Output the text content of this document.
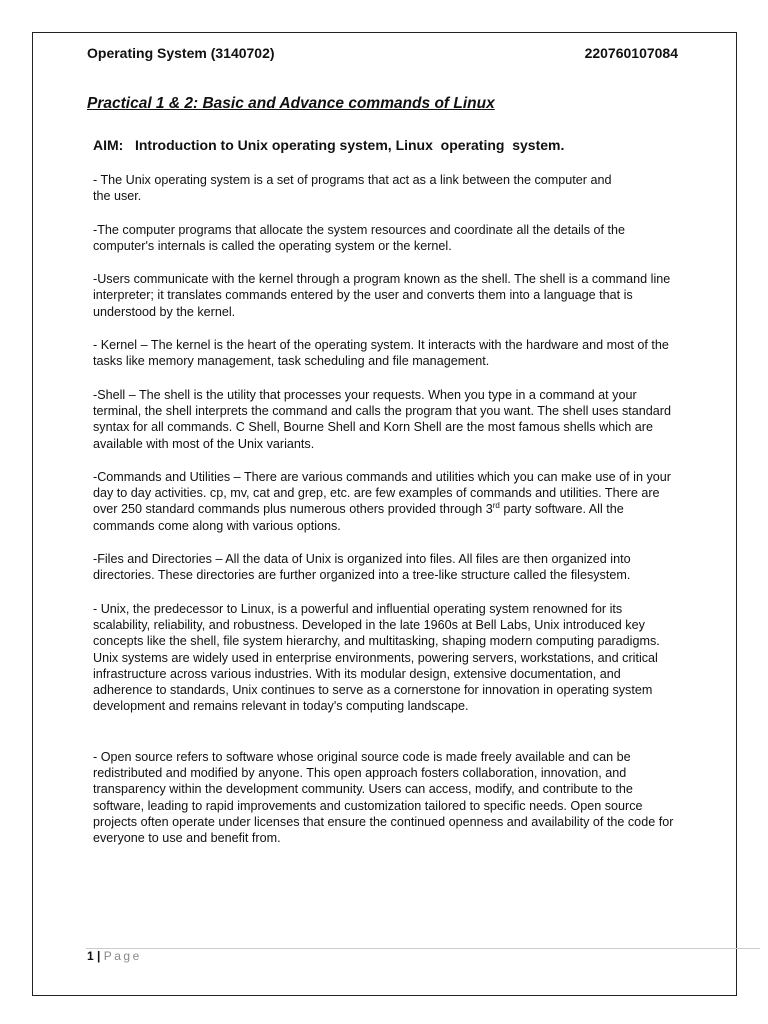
Operating System (3140702)	220760107084
Practical 1 & 2: Basic and Advance commands of Linux
AIM:   Introduction to Unix operating system, Linux  operating  system.

- The Unix operating system is a set of programs that act as a link between the computer and
the user.

-The computer programs that allocate the system resources and coordinate all the details of the computer's internals is called the operating system or the kernel.

-Users communicate with the kernel through a program known as the shell. The shell is a command line interpreter; it translates commands entered by the user and converts them into a language that is understood by the kernel.

- Kernel – The kernel is the heart of the operating system. It interacts with the hardware and most of the tasks like memory management, task scheduling and file management.

-Shell – The shell is the utility that processes your requests. When you type in a command at your terminal, the shell interprets the command and calls the program that you want. The shell uses standard syntax for all commands. C Shell, Bourne Shell and Korn Shell are the most famous shells which are available with most of the Unix variants.

-Commands and Utilities – There are various commands and utilities which you can make use of in your day to day activities. cp, mv, cat and grep, etc. are few examples of commands and utilities. There are over 250 standard commands plus numerous others provided through 3rd party software. All the commands come along with various options.

-Files and Directories – All the data of Unix is organized into files. All files are then organized into directories. These directories are further organized into a tree-like structure called the filesystem.

- Unix, the predecessor to Linux, is a powerful and influential operating system renowned for its scalability, reliability, and robustness. Developed in the late 1960s at Bell Labs, Unix introduced key concepts like the shell, file system hierarchy, and multitasking, shaping modern computing paradigms. Unix systems are widely used in enterprise environments, powering servers, workstations, and critical infrastructure across various industries. With its modular design, extensive documentation, and adherence to standards, Unix continues to serve as a cornerstone for innovation in operating system development and remains relevant in today's computing landscape.

- Open source refers to software whose original source code is made freely available and can be redistributed and modified by anyone. This open approach fosters collaboration, innovation, and transparency within the development community. Users can access, modify, and contribute to the software, leading to rapid improvements and customization tailored to specific needs. Open source projects often operate under licenses that ensure the continued openness and availability of the code for everyone to use and benefit from.

1 | Page
